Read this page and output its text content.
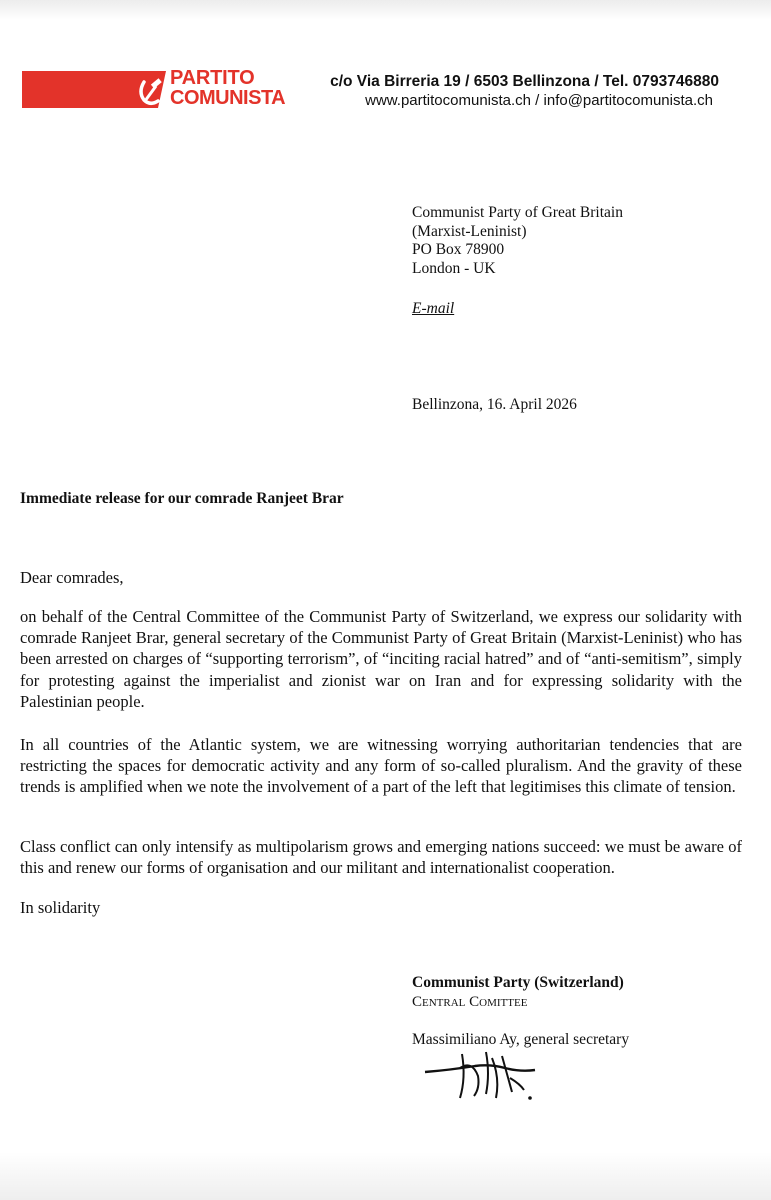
PARTITO
COMUNISTA
c/o Via Birreria 19 / 6503 Bellinzona / Tel. 0793746880
www.partitocomunista.ch / info@partitocomunista.ch
Communist Party of Great Britain
(Marxist-Leninist)
PO Box 78900
London - UK
E-mail
Bellinzona, 16. April 2026
Immediate release for our comrade Ranjeet Brar
Dear comrades,

on behalf of the Central Committee of the Communist Party of Switzerland, we express our solidarity with comrade Ranjeet Brar, general secretary of the Communist Party of Great Britain (Marxist-Leninist) who has been arrested on charges of “supporting terrorism”, of “inciting racial hatred” and of “anti-semitism”, simply for protesting against the imperialist and zionist war on Iran and for expressing solidarity with the Palestinian people.

In all countries of the Atlantic system, we are witnessing worrying authoritarian tendencies that are restricting the spaces for democratic activity and any form of so-called pluralism. And the gravity of these trends is amplified when we note the involvement of a part of the left that legitimises this climate of tension.

Class conflict can only intensify as multipolarism grows and emerging nations succeed: we must be aware of this and renew our forms of organisation and our militant and internationalist cooperation.

In solidarity
Communist Party (Switzerland)
Central Comittee
Massimiliano Ay, general secretary
